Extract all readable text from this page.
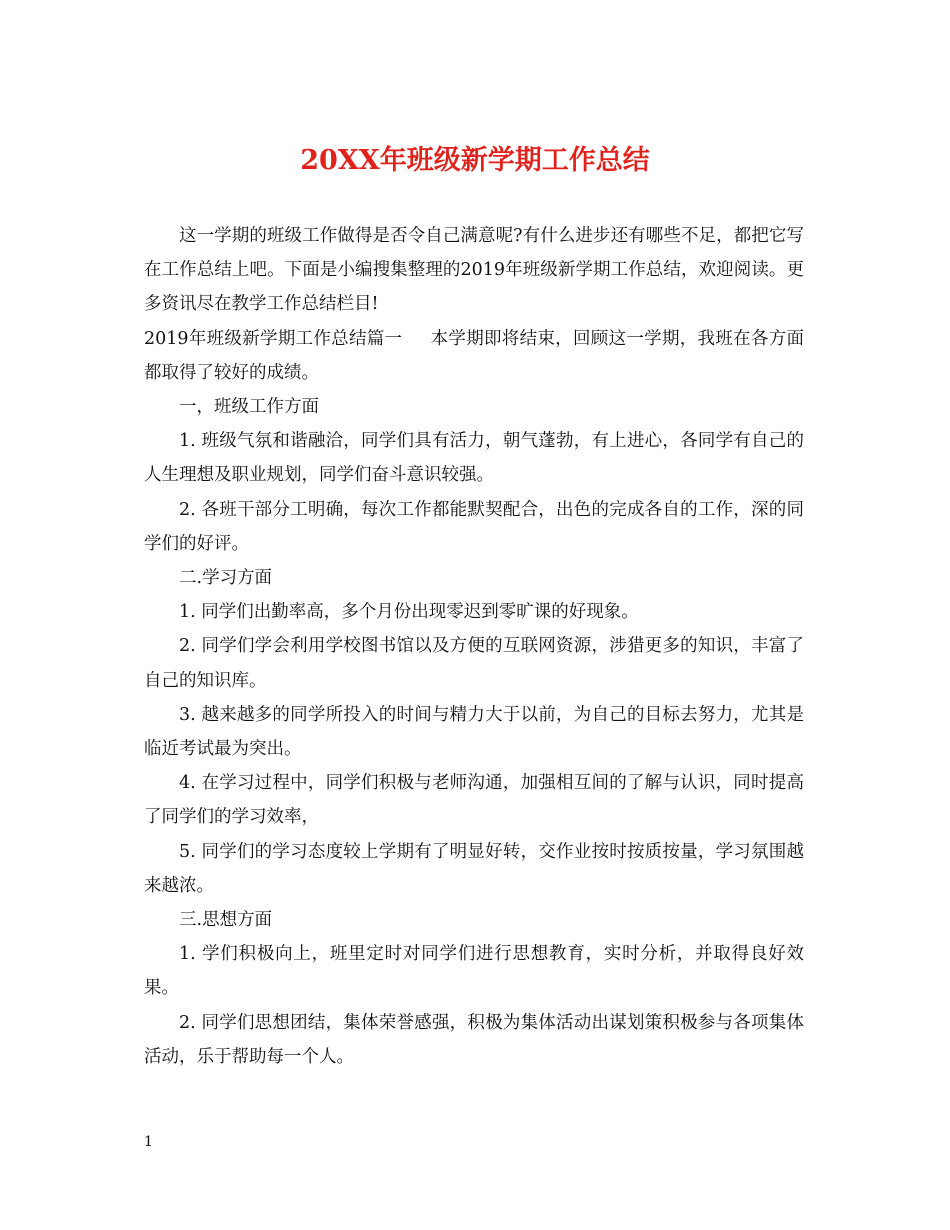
20XX年班级新学期工作总结

这一学期的班级工作做得是否令自己满意呢?有什么进步还有哪些不足，都把它写在工作总结上吧。下面是小编搜集整理的2019年班级新学期工作总结，欢迎阅读。更多资讯尽在教学工作总结栏目!

2019年班级新学期工作总结篇一 本学期即将结束，回顾这一学期，我班在各方面都取得了较好的成绩。

一，班级工作方面

1. 班级气氛和谐融洽，同学们具有活力，朝气蓬勃，有上进心，各同学有自己的人生理想及职业规划，同学们奋斗意识较强。

2. 各班干部分工明确，每次工作都能默契配合，出色的完成各自的工作，深的同学们的好评。

二.学习方面

1. 同学们出勤率高，多个月份出现零迟到零旷课的好现象。

2. 同学们学会利用学校图书馆以及方便的互联网资源，涉猎更多的知识，丰富了自己的知识库。

3. 越来越多的同学所投入的时间与精力大于以前，为自己的目标去努力，尤其是临近考试最为突出。

4. 在学习过程中，同学们积极与老师沟通，加强相互间的了解与认识，同时提高了同学们的学习效率，

5. 同学们的学习态度较上学期有了明显好转，交作业按时按质按量，学习氛围越来越浓。

三.思想方面

1. 学们积极向上，班里定时对同学们进行思想教育，实时分析，并取得良好效果。

2. 同学们思想团结，集体荣誉感强，积极为集体活动出谋划策积极参与各项集体活动，乐于帮助每一个人。

1
